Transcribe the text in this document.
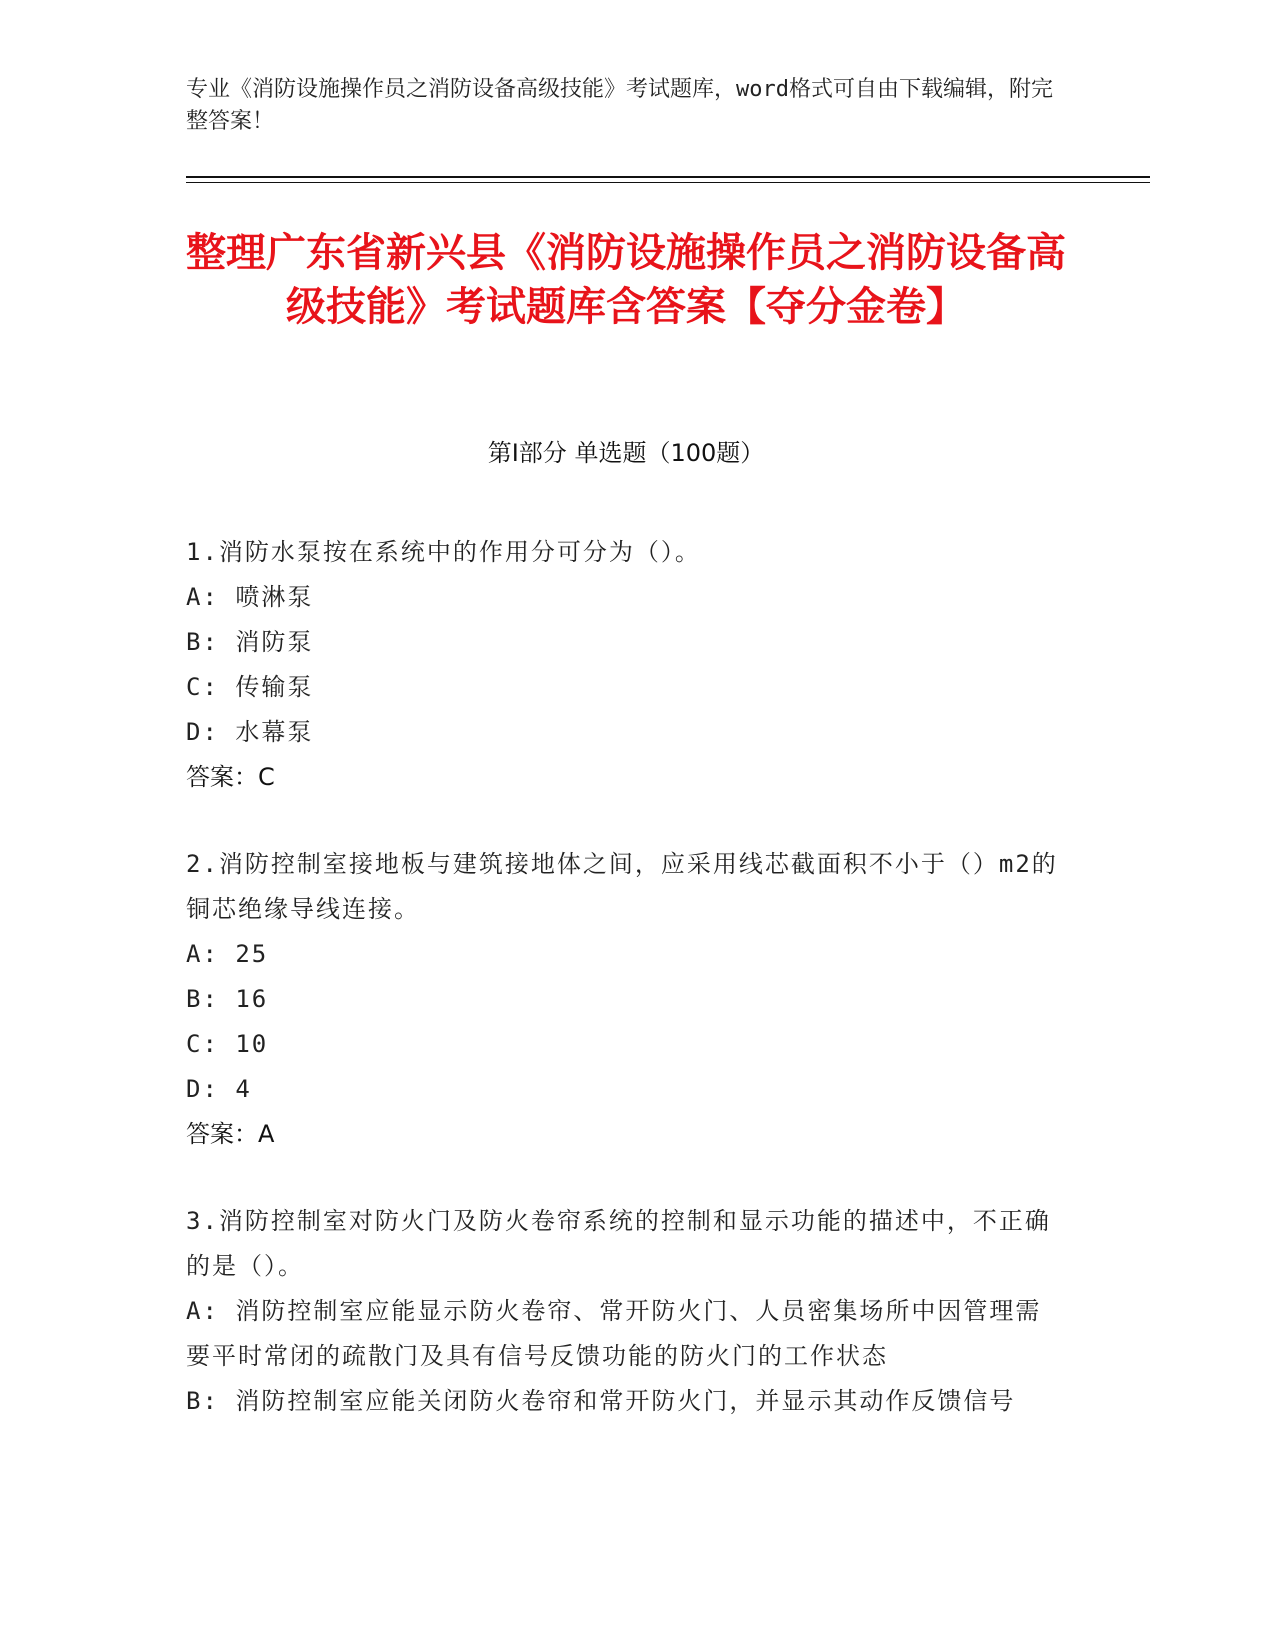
专业《消防设施操作员之消防设备高级技能》考试题库，word格式可自由下载编辑，附完整答案！
整理广东省新兴县《消防设施操作员之消防设备高级技能》考试题库含答案【夺分金卷】
第I部分 单选题（100题）
1.消防水泵按在系统中的作用分可分为（）。
A: 喷淋泵
B: 消防泵
C: 传输泵
D: 水幕泵
答案：C
2.消防控制室接地板与建筑接地体之间，应采用线芯截面积不小于（）m2的铜芯绝缘导线连接。
A: 25
B: 16
C: 10
D: 4
答案：A
3.消防控制室对防火门及防火卷帘系统的控制和显示功能的描述中，不正确的是（）。
A: 消防控制室应能显示防火卷帘、常开防火门、人员密集场所中因管理需要平时常闭的疏散门及具有信号反馈功能的防火门的工作状态
B: 消防控制室应能关闭防火卷帘和常开防火门，并显示其动作反馈信号
